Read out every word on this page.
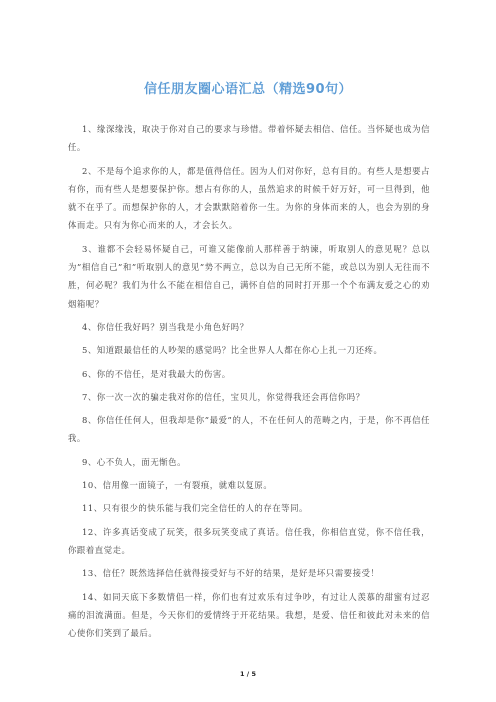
信任朋友圈心语汇总（精选90句）

1、缘深缘浅，取决于你对自己的要求与珍惜。带着怀疑去相信、信任。当怀疑也成为信任。

2、不是每个追求你的人，都是值得信任。因为人们对你好，总有目的。有些人是想要占有你，而有些人是想要保护你。想占有你的人，虽然追求的时候千好万好，可一旦得到，他就不在乎了。而想保护你的人，才会默默陪着你一生。为你的身体而来的人，也会为别的身体而走。只有为你心而来的人，才会长久。

3、谁都不会轻易怀疑自己，可谁又能像前人那样善于纳谏，听取别人的意见呢？总以为”相信自己”和”听取别人的意见”势不两立，总以为自己无所不能，或总以为别人无往而不胜，何必呢？我们为什么不能在相信自己，满怀自信的同时打开那一个个布满友爱之心的劝烟箱呢？

4、你信任我好吗？别当我是小角色好吗？

5、知道跟最信任的人吵架的感觉吗？比全世界人人都在你心上扎一刀还疼。

6、你的不信任，是对我最大的伤害。

7、你一次一次的骗走我对你的信任，宝贝儿，你觉得我还会再信你吗？

8、你信任任何人，但我却是你”最爱”的人，不在任何人的范畴之内，于是，你不再信任我。

9、心不负人，面无惭色。

10、信用像一面镜子，一有裂痕，就难以复原。

11、只有很少的快乐能与我们完全信任的人的存在等同。

12、许多真话变成了玩笑，很多玩笑变成了真话。信任我，你相信直觉，你不信任我，你跟着直觉走。

13、信任？既然选择信任就得接受好与不好的结果，是好是坏只需要接受！

14、如同天底下多数情侣一样，你们也有过欢乐有过争吵，有过让人羡慕的甜蜜有过忍痛的泪流满面。但是，今天你们的爱情终于开花结果。我想，是爱、信任和彼此对未来的信心使你们笑到了最后。

1 / 5
